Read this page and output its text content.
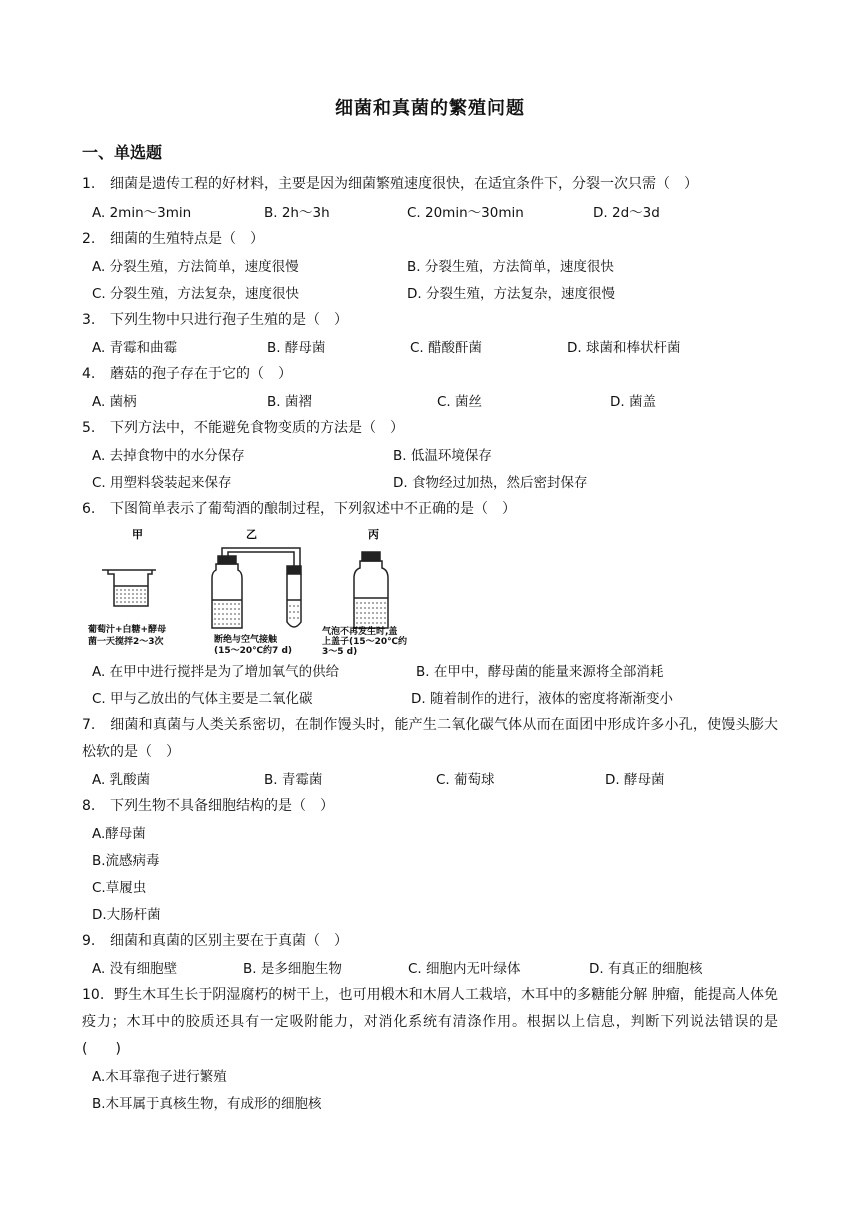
细菌和真菌的繁殖问题
一、单选题
1. 细菌是遗传工程的好材料，主要是因为细菌繁殖速度很快，在适宜条件下，分裂一次只需（　）
A. 2min～3min	B. 2h～3h	C. 20min～30min	D. 2d～3d
2. 细菌的生殖特点是（　）
A. 分裂生殖，方法简单，速度很慢	B. 分裂生殖，方法简单，速度很快
C. 分裂生殖，方法复杂，速度很快	D. 分裂生殖，方法复杂，速度很慢
3. 下列生物中只进行孢子生殖的是（　）
A. 青霉和曲霉	B. 酵母菌	C. 醋酸酐菌	D. 球菌和棒状杆菌
4. 蘑菇的孢子存在于它的（　）
A. 菌柄	B. 菌褶	C. 菌丝	D. 菌盖
5. 下列方法中，不能避免食物变质的方法是（　）
A. 去掉食物中的水分保存	B. 低温环境保存
C. 用塑料袋装起来保存	D. 食物经过加热，然后密封保存
6. 下图简单表示了葡萄酒的酿制过程，下列叙述中不正确的是（　）
甲	乙	丙
葡萄汁+白糖+酵母
菌一天搅拌2～3次	断绝与空气接触
(15～20℃约7 d)
气泡不再发生时,盖
上盖子(15～20℃约
3～5 d)
A. 在甲中进行搅拌是为了增加氧气的供给	B. 在甲中，酵母菌的能量来源将全部消耗
C. 甲与乙放出的气体主要是二氧化碳	D. 随着制作的进行，液体的密度将渐渐变小
7. 细菌和真菌与人类关系密切，在制作馒头时，能产生二氧化碳气体从而在面团中形成许多小孔，使馒头膨大松软的是（　）
A. 乳酸菌	B. 青霉菌	C. 葡萄球	D. 酵母菌
8. 下列生物不具备细胞结构的是（　）
A.酵母菌
B.流感病毒
C.草履虫
D.大肠杆菌
9. 细菌和真菌的区别主要在于真菌（　）
A. 没有细胞壁	B. 是多细胞生物	C. 细胞内无叶绿体	D. 有真正的细胞核
10. 野生木耳生长于阴湿腐朽的树干上，也可用椴木和木屑人工栽培，木耳中的多糖能分解 肿瘤，能提高人体免疫力；木耳中的胶质还具有一定吸附能力，对消化系统有清涤作用。根据以上信息，判断下列说法错误的是(　　)
A.木耳靠孢子进行繁殖
B.木耳属于真核生物，有成形的细胞核
